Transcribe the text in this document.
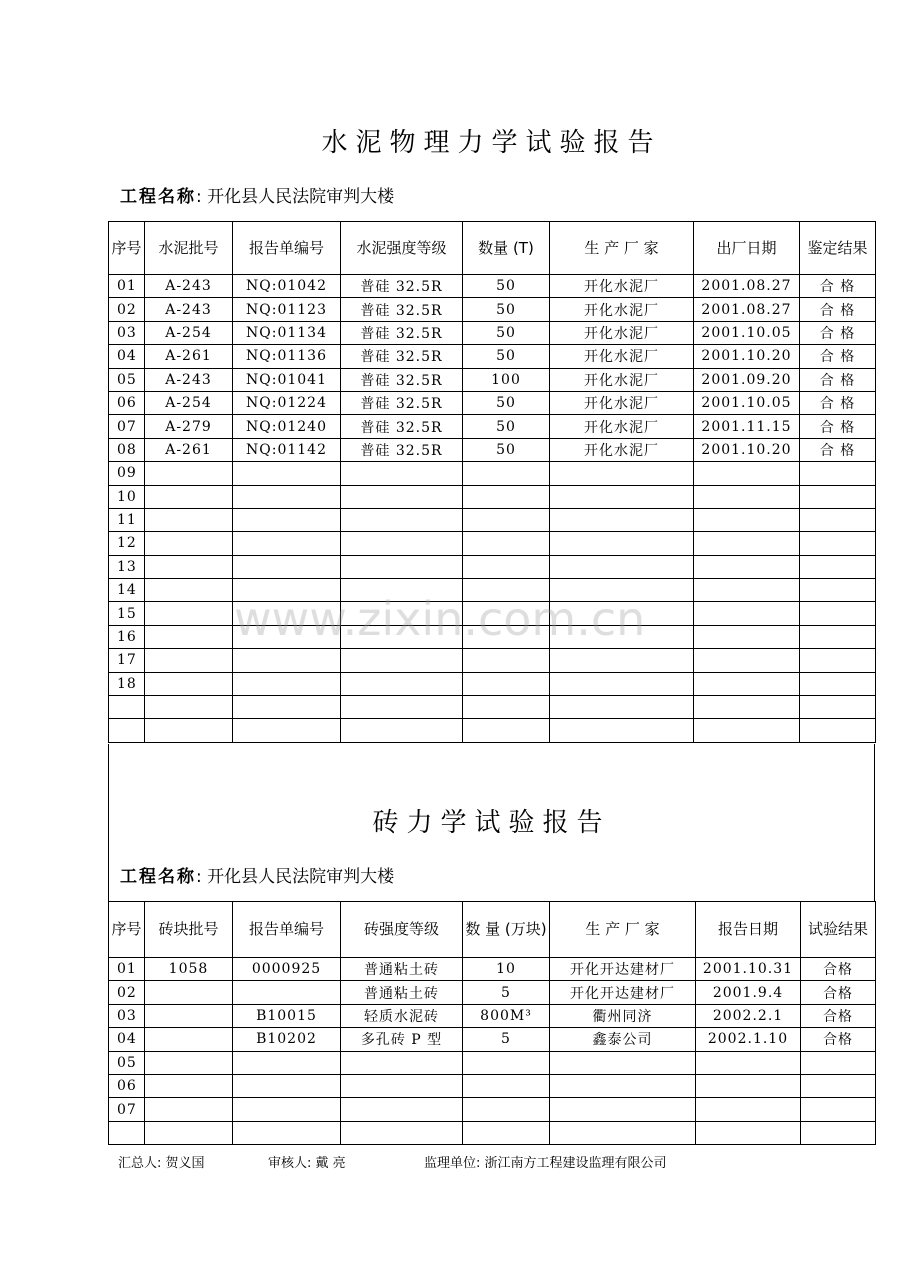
水泥物理力学试验报告
工程名称: 开化县人民法院审判大楼
序号	水泥批号	报告单编号	水泥强度等级	数量 (T)	生 产 厂 家	出厂日期	鉴定结果
01	A-243	NQ:01042	普硅 32.5R	50	开化水泥厂	2001.08.27	合 格
02	A-243	NQ:01123	普硅 32.5R	50	开化水泥厂	2001.08.27	合 格
03	A-254	NQ:01134	普硅 32.5R	50	开化水泥厂	2001.10.05	合 格
04	A-261	NQ:01136	普硅 32.5R	50	开化水泥厂	2001.10.20	合 格
05	A-243	NQ:01041	普硅 32.5R	100	开化水泥厂	2001.09.20	合 格
06	A-254	NQ:01224	普硅 32.5R	50	开化水泥厂	2001.10.05	合 格
07	A-279	NQ:01240	普硅 32.5R	50	开化水泥厂	2001.11.15	合 格
08	A-261	NQ:01142	普硅 32.5R	50	开化水泥厂	2001.10.20	合 格
09							
10							
11							
12							
13							
14							
15							
16							
17							
18							

砖力学试验报告
工程名称: 开化县人民法院审判大楼
序号	砖块批号	报告单编号	砖强度等级	数 量 (万块)	生 产 厂 家	报告日期	试验结果
01	1058	0000925	普通粘土砖	10	开化开达建材厂	2001.10.31	合格
02			普通粘土砖	5	开化开达建材厂	2001.9.4	合格
03		B10015	轻质水泥砖	800M³	衢州同济	2002.2.1	合格
04		B10202	多孔砖 P 型	5	鑫泰公司	2002.1.10	合格
05							
06							
07							

汇总人: 贺义国	审核人: 戴 亮	监理单位: 浙江南方工程建设监理有限公司
www.zixin.com.cn
